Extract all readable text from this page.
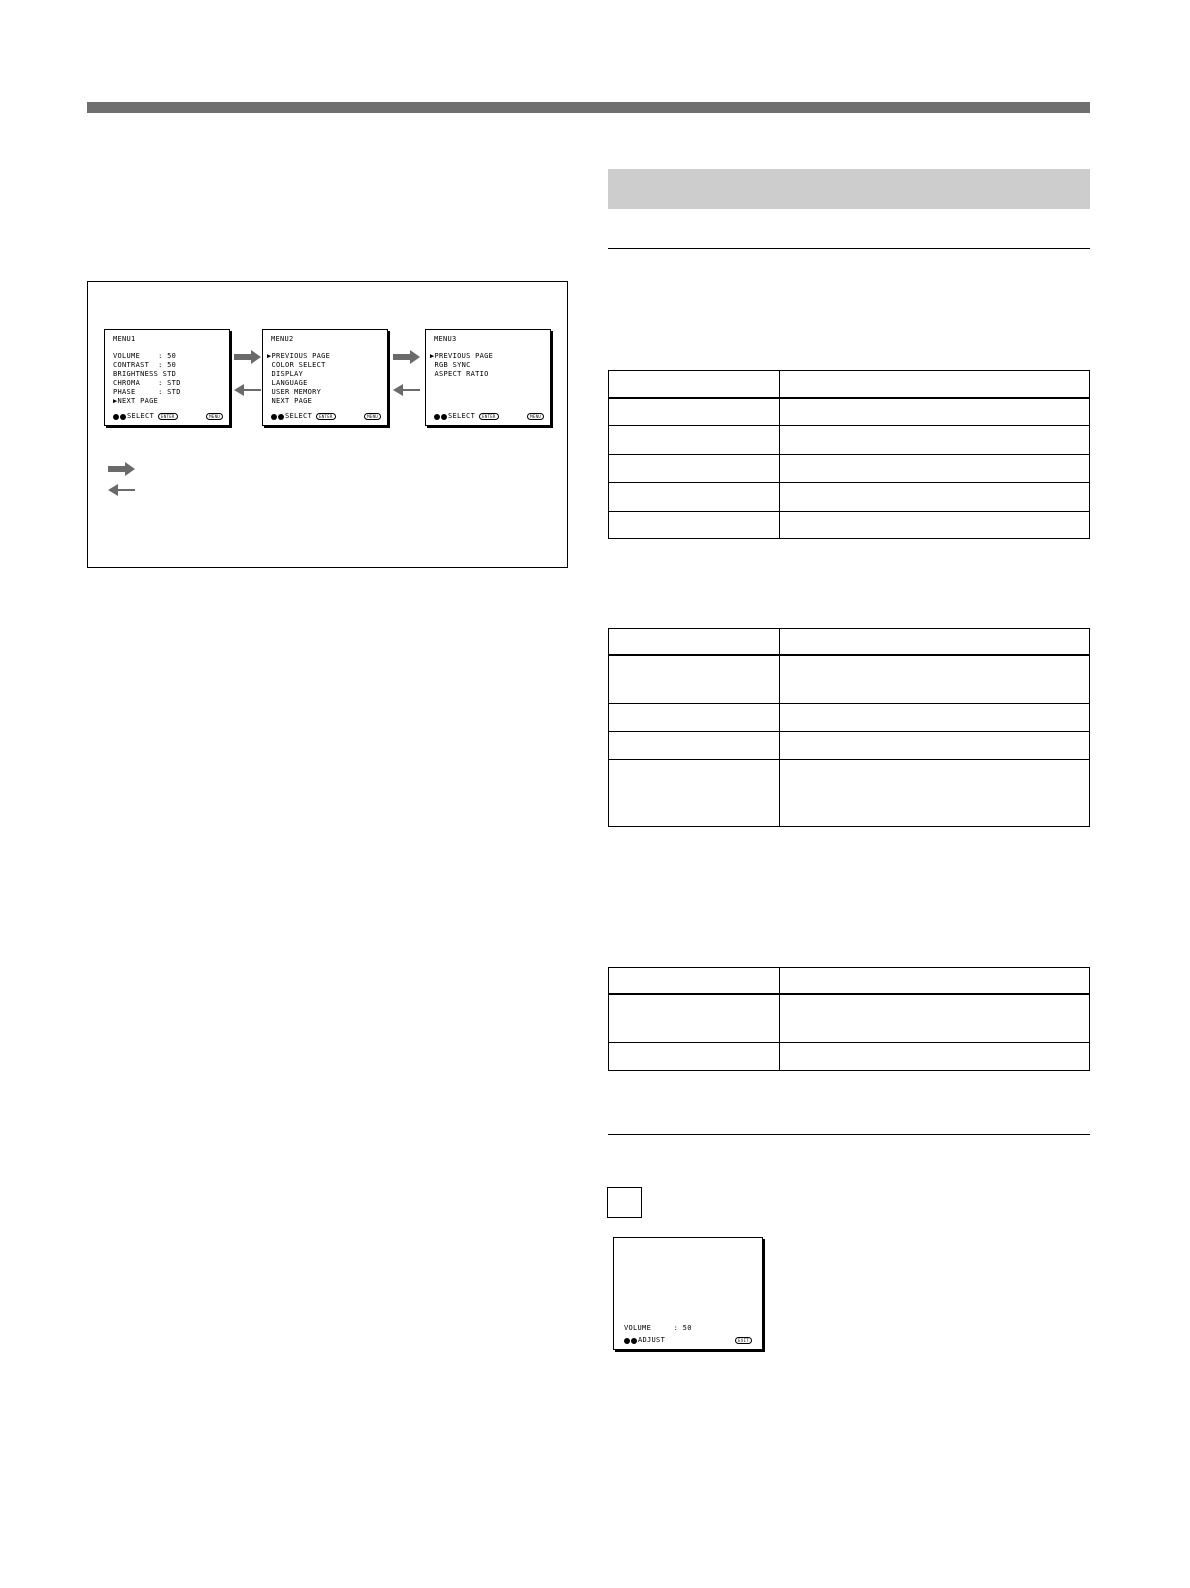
MENU1
VOLUME    : 50
CONTRAST  : 50
BRIGHTNESS STD
CHROMA    : STD
PHASE     : STD
▶NEXT PAGE
SELECT	ENTER	MENU
MENU2
▶PREVIOUS PAGE
COLOR SELECT
DISPLAY
LANGUAGE
USER MEMORY
NEXT PAGE
SELECT	ENTER	MENU
MENU3
▶PREVIOUS PAGE
RGB SYNC
ASPECT RATIO
SELECT	ENTER	MENU

VOLUME     : 50
ADJUST	EXIT
